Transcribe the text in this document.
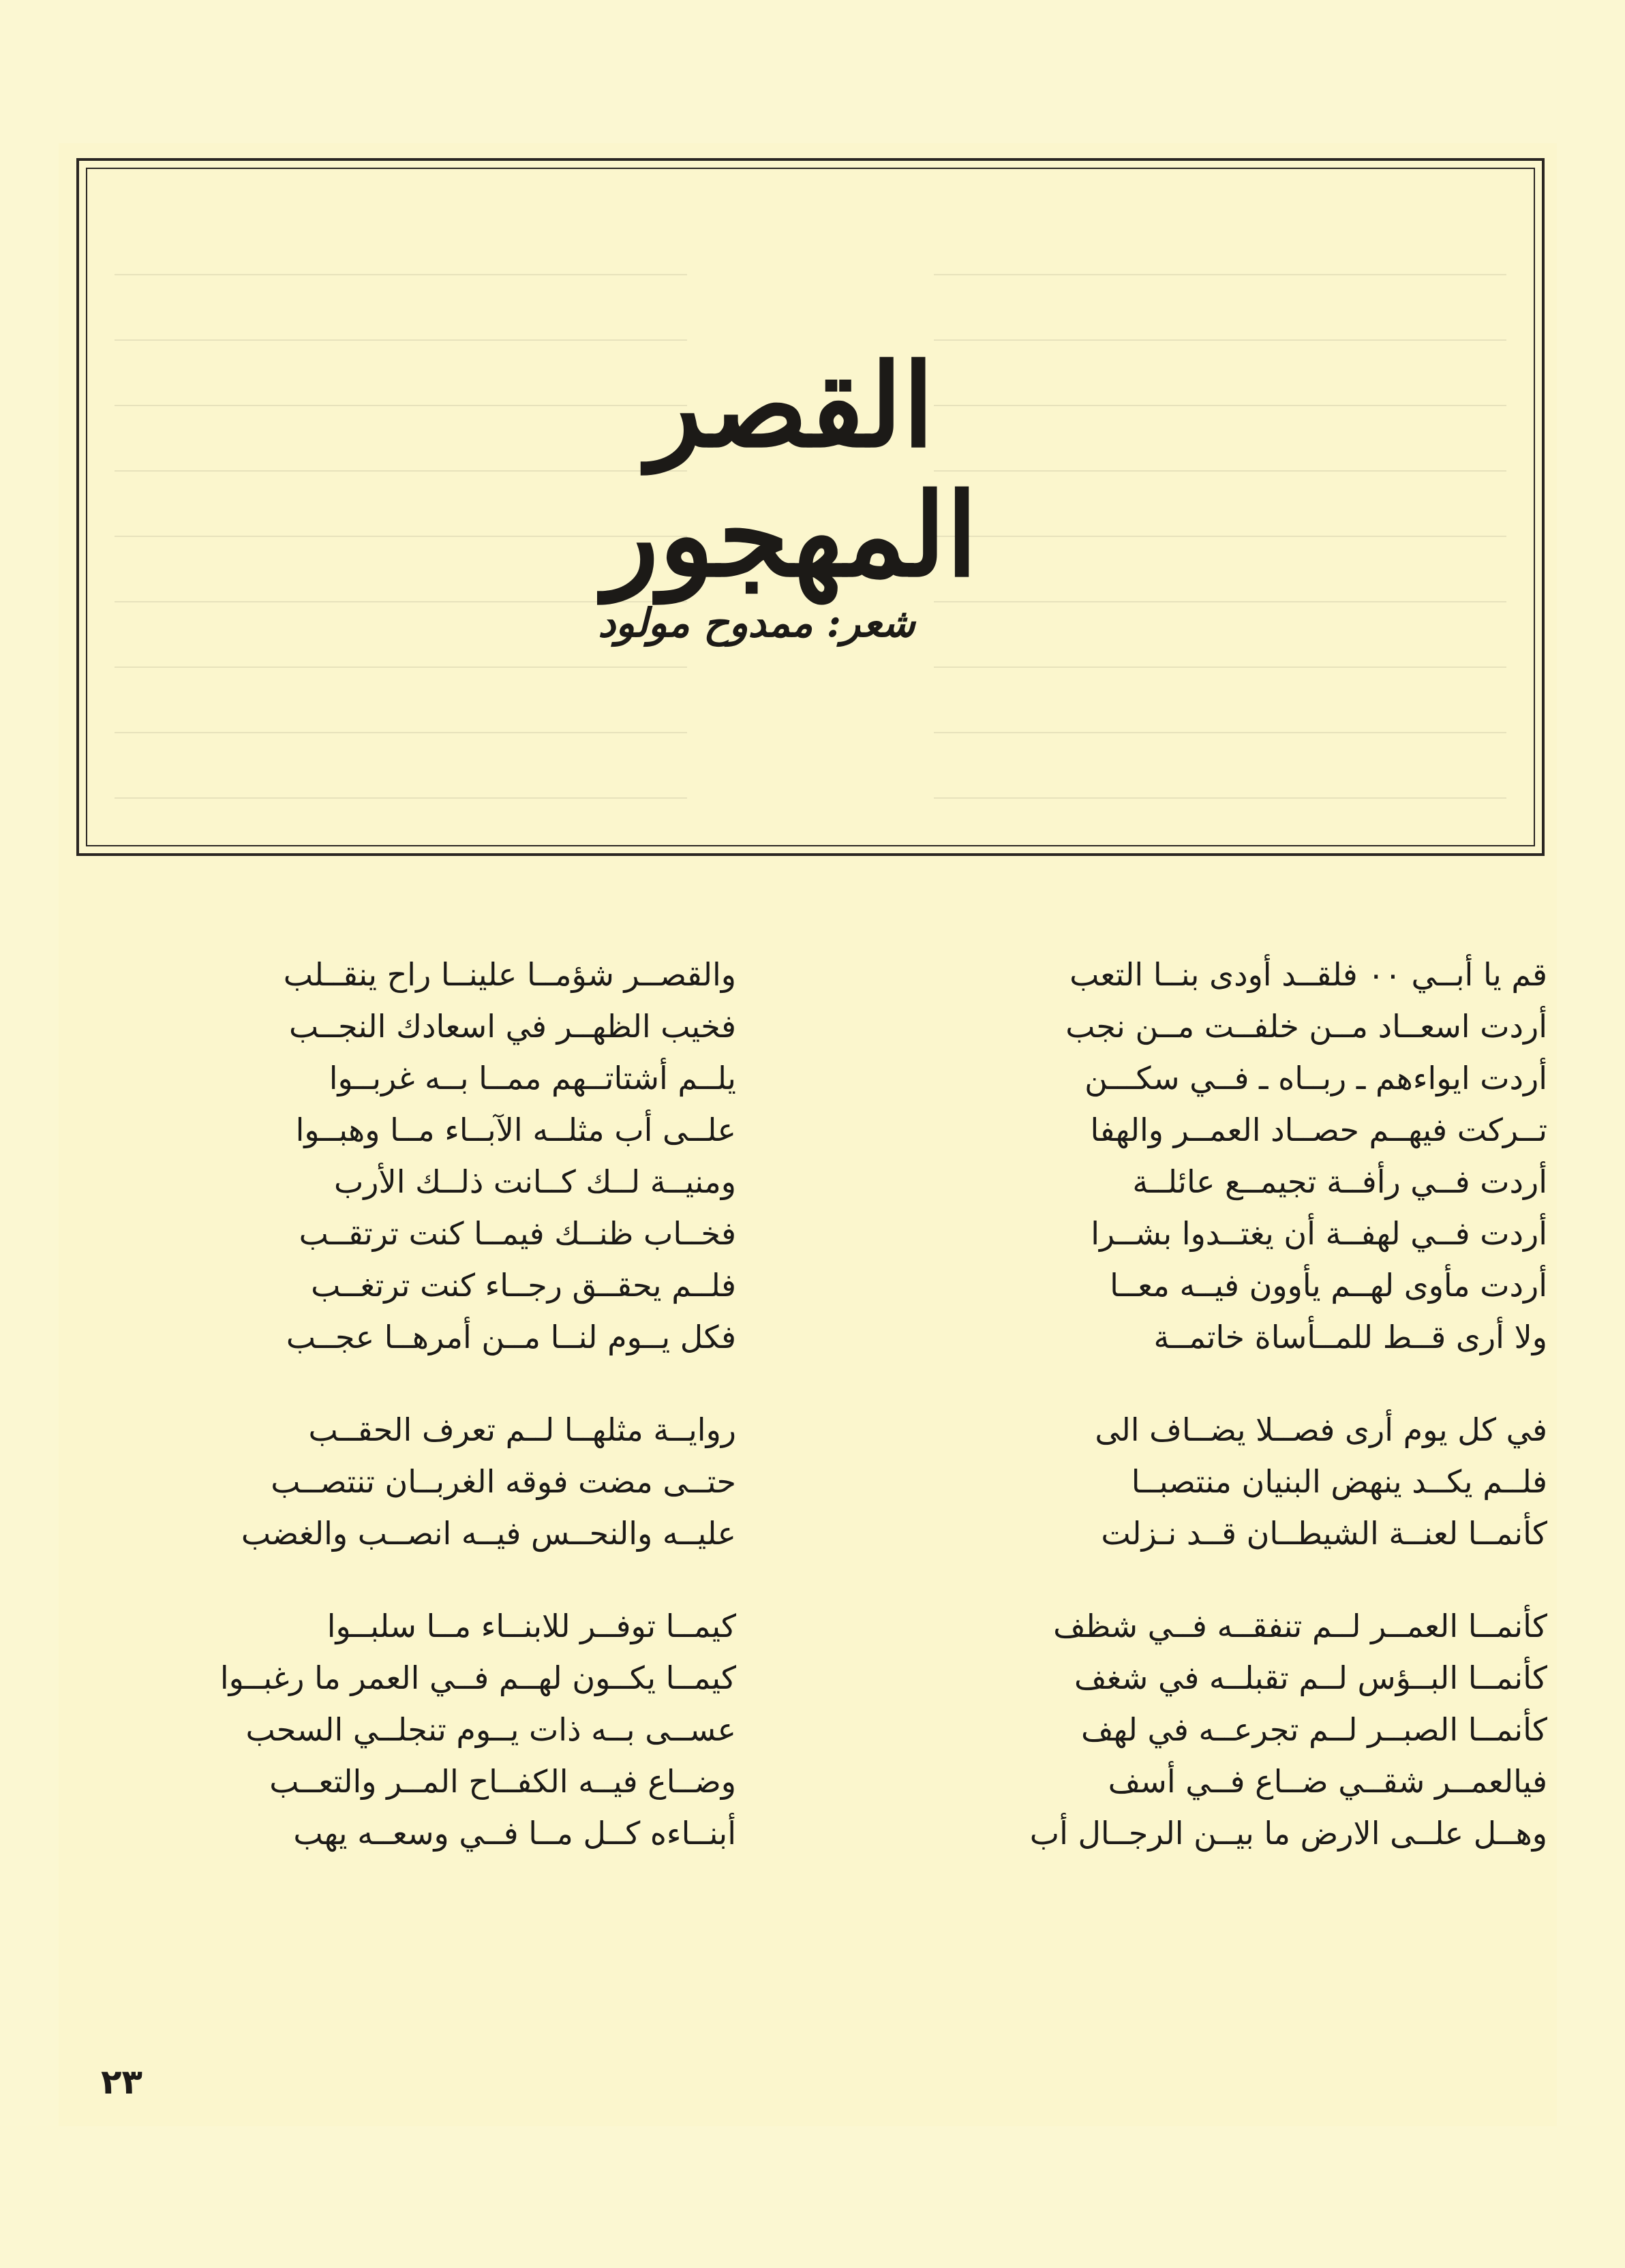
القصر المهجور
شعر: ممدوح مولود
قم يا أبــي ٠٠ فلقــد أودى بنــا التعب
أردت اسعــاد مــن خلفــت مــن نجب
أردت ايواءهم ـ ربــاه ـ فــي سكـــن
تــركت فيهــم حصــاد العمــر والهفا
أردت فــي رأفــة تجيمــع عائلــة
أردت فــي لهفــة أن يغتــدوا بشــرا
أردت مأوى لهــم يأوون فيــه معــا
ولا أرى قــط للمــأساة خاتمــة
في كل يوم أرى فصــلا يضــاف الى
فلــم يكــد ينهض البنيان منتصبــا
كأنمــا لعنــة الشيطــان قــد نـزلت
كأنمــا العمــر لــم تنفقــه فــي شظف
كأنمــا البــؤس لــم تقبلــه في شغف
كأنمــا الصبــر لــم تجرعــه في لهف
فيالعمــر شقــي ضــاع فــي أسف
وهــل علــى الارض ما بيــن الرجــال أب
والقصــر شؤمــا علينــا راح ينقــلب
فخيب الظهــر في اسعادك النجــب
يلــم أشتاتــهم ممــا بــه غربــوا
علــى أب مثلــه الآبــاء مــا وهبــوا
ومنيــة لــك كــانت ذلــك الأرب
فخــاب ظنــك فيمــا كنت ترتقــب
فلــم يحقــق رجــاء كنت ترتغــب
فكل يــوم لنــا مــن أمرهــا عجــب
روايــة مثلهــا لــم تعرف الحقــب
حتــى مضت فوقه الغربــان تنتصــب
عليــه والنحــس فيــه انصــب والغضب
كيمــا توفــر للابنــاء مــا سلبــوا
كيمــا يكــون لهــم فــي العمر ما رغبــوا
عســى بــه ذات يــوم تنجلــي السحب
وضــاع فيــه الكفــاح المــر والتعــب
أبنــاءه كــل مــا فــي وسعــه يهب
٢٣
